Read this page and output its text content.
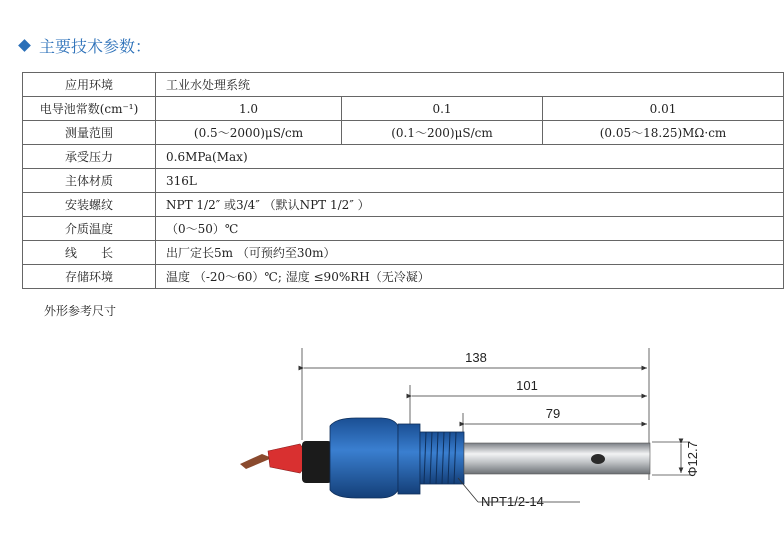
主要技术参数：
应用环境	工业水处理系统		
电导池常数(cm⁻¹)	1.0	0.1	0.01
测量范围	(0.5～2000)μS/cm	(0.1～200)μS/cm	(0.05～18.25)MΩ·cm
承受压力	0.6MPa(Max)		
主体材质	316L		
安装螺纹	NPT 1/2″ 或3/4″ （默认NPT 1/2″ ）		
介质温度	（0～50）℃		
线　　长	出厂定长5m （可预约至30m）		
存储环境	温度 （-20～60）℃; 湿度 ≤90%RH（无冷凝）		
外形参考尺寸
138
101
79
Φ12.7
NPT1/2-14
